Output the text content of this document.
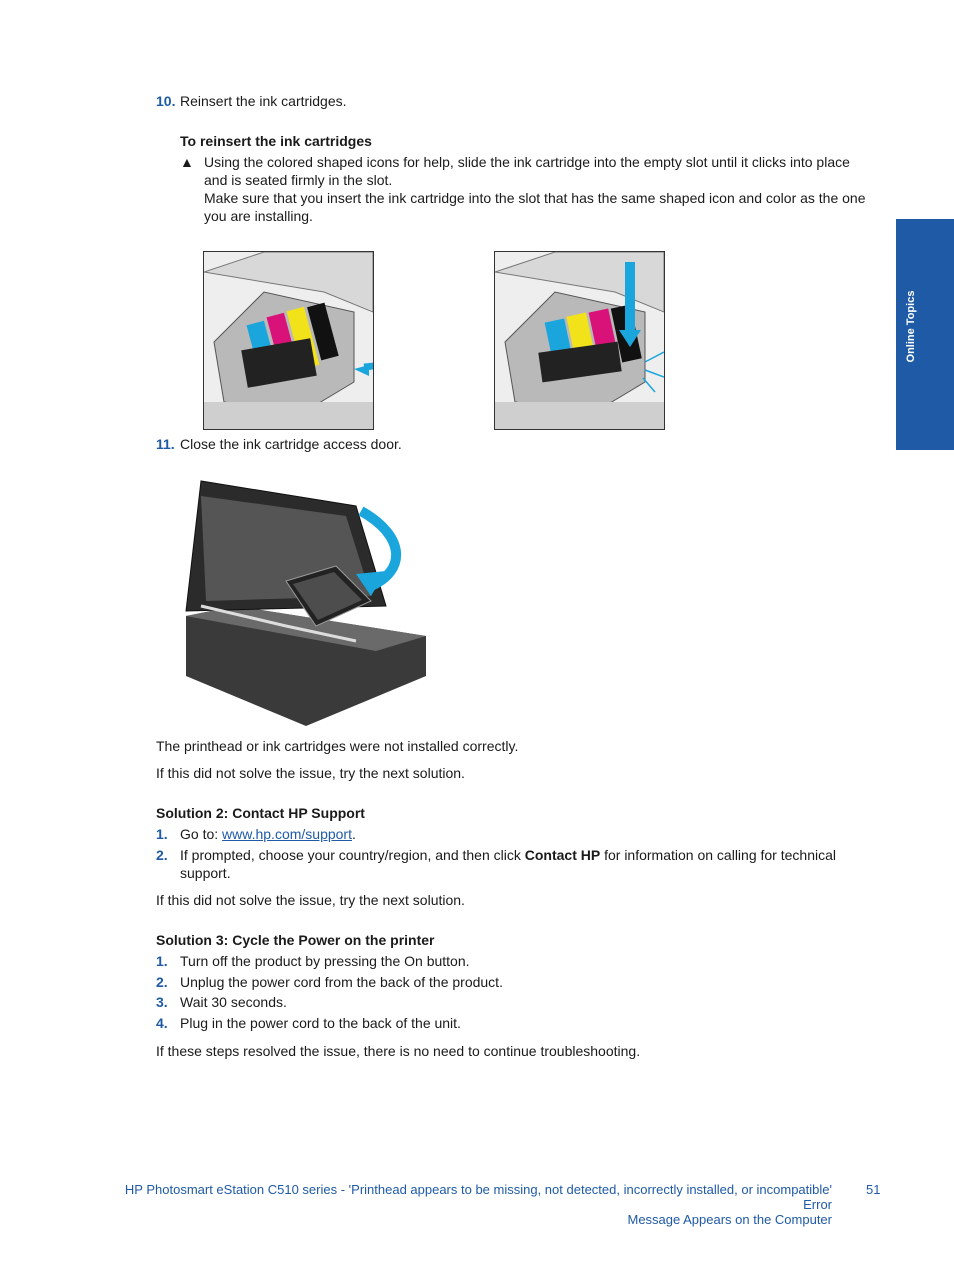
Online Topics
10. Reinsert the ink cartridges.
To reinsert the ink cartridges
▲ Using the colored shaped icons for help, slide the ink cartridge into the empty slot until it clicks into place
and is seated firmly in the slot.
Make sure that you insert the ink cartridge into the slot that has the same shaped icon and color as the one
you are installing.
11. Close the ink cartridge access door.
The printhead or ink cartridges were not installed correctly.
If this did not solve the issue, try the next solution.
Solution 2: Contact HP Support
1. Go to: www.hp.com/support.
2. If prompted, choose your country/region, and then click Contact HP for information on calling for technical
support.
If this did not solve the issue, try the next solution.
Solution 3: Cycle the Power on the printer
1. Turn off the product by pressing the On button.
2. Unplug the power cord from the back of the product.
3. Wait 30 seconds.
4. Plug in the power cord to the back of the unit.
If these steps resolved the issue, there is no need to continue troubleshooting.
HP Photosmart eStation C510 series - 'Printhead appears to be missing, not detected, incorrectly installed, or incompatible' Error
Message Appears on the Computer
51
